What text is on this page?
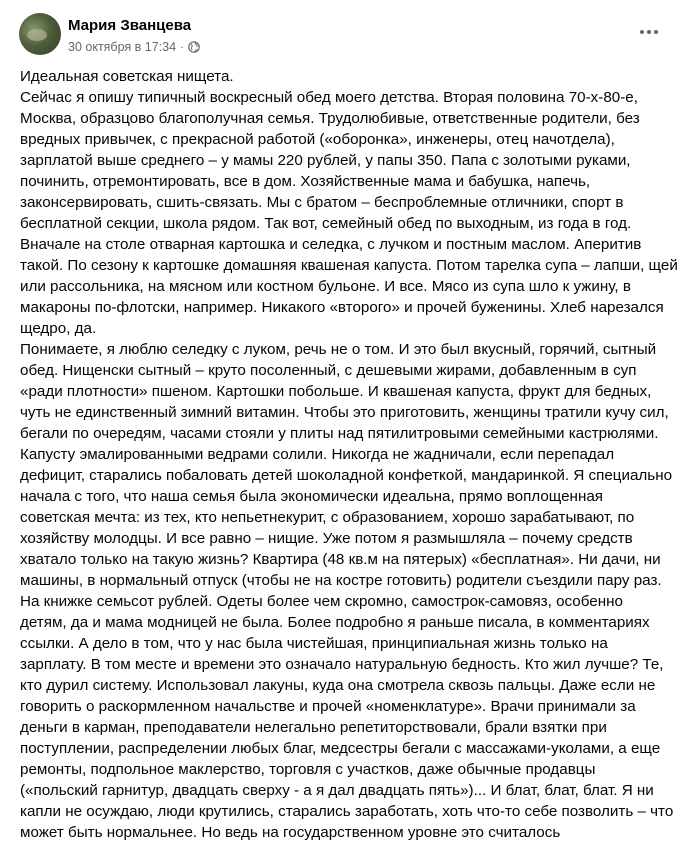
Мария Званцева
30 октября в 17:34 ·
Идеальная советская нищета.
Сейчас я опишу типичный воскресный обед моего детства. Вторая половина 70-х-80-е,
Москва, образцово благополучная семья. Трудолюбивые, ответственные родители, без
вредных привычек, с прекрасной работой («оборонка», инженеры, отец начотдела),
зарплатой выше среднего – у мамы 220 рублей, у папы 350. Папа с золотыми руками,
починить, отремонтировать, все в дом. Хозяйственные мама и бабушка, напечь,
законсервировать, сшить-связать. Мы с братом – беспроблемные отличники, спорт в
бесплатной секции, школа рядом. Так вот, семейный обед по выходным, из года в год.
Вначале на столе отварная картошка и селедка, с лучком и постным маслом. Аперитив
такой. По сезону к картошке домашняя квашеная капуста. Потом тарелка супа – лапши, щей
или рассольника, на мясном или костном бульоне. И все. Мясо из супа шло к ужину, в
макароны по-флотски, например. Никакого «второго» и прочей буженины. Хлеб нарезался
щедро, да.
Понимаете, я люблю селедку с луком, речь не о том. И это был вкусный, горячий, сытный
обед. Нищенски сытный – круто посоленный, с дешевыми жирами, добавленным в суп
«ради плотности» пшеном. Картошки побольше. И квашеная капуста, фрукт для бедных,
чуть не единственный зимний витамин. Чтобы это приготовить, женщины тратили кучу сил,
бегали по очередям, часами стояли у плиты над пятилитровыми семейными кастрюлями.
Капусту эмалированными ведрами солили. Никогда не жадничали, если перепадал
дефицит, старались побаловать детей шоколадной конфеткой, мандаринкой. Я специально
начала с того, что наша семья была экономически идеальна, прямо воплощенная
советская мечта: из тех, кто непьетнекурит, с образованием, хорошо зарабатывают, по
хозяйству молодцы. И все равно – нищие. Уже потом я размышляла – почему средств
хватало только на такую жизнь? Квартира (48 кв.м на пятерых) «бесплатная». Ни дачи, ни
машины, в нормальный отпуск (чтобы не на костре готовить) родители съездили пару раз.
На книжке семьсот рублей. Одеты более чем скромно, самострок-самовяз, особенно
детям, да и мама модницей не была. Более подробно я раньше писала, в комментариях
ссылки. А дело в том, что у нас была чистейшая, принципиальная жизнь только на
зарплату. В том месте и времени это означало натуральную бедность. Кто жил лучше? Те,
кто дурил систему. Использовал лакуны, куда она смотрела сквозь пальцы. Даже если не
говорить о раскормленном начальстве и прочей «номенклатуре». Врачи принимали за
деньги в карман, преподаватели нелегально репетиторствовали, брали взятки при
поступлении, распределении любых благ, медсестры бегали с массажами-уколами, а еще
ремонты, подпольное маклерство, торговля с участков, даже обычные продавцы
(«польский гарнитур, двадцать сверху - а я дал двадцать пять»)... И блат, блат, блат. Я ни
капли не осуждаю, люди крутились, старались заработать, хоть что-то себе позволить – что
может быть нормальнее. Но ведь на государственном уровне это считалось
